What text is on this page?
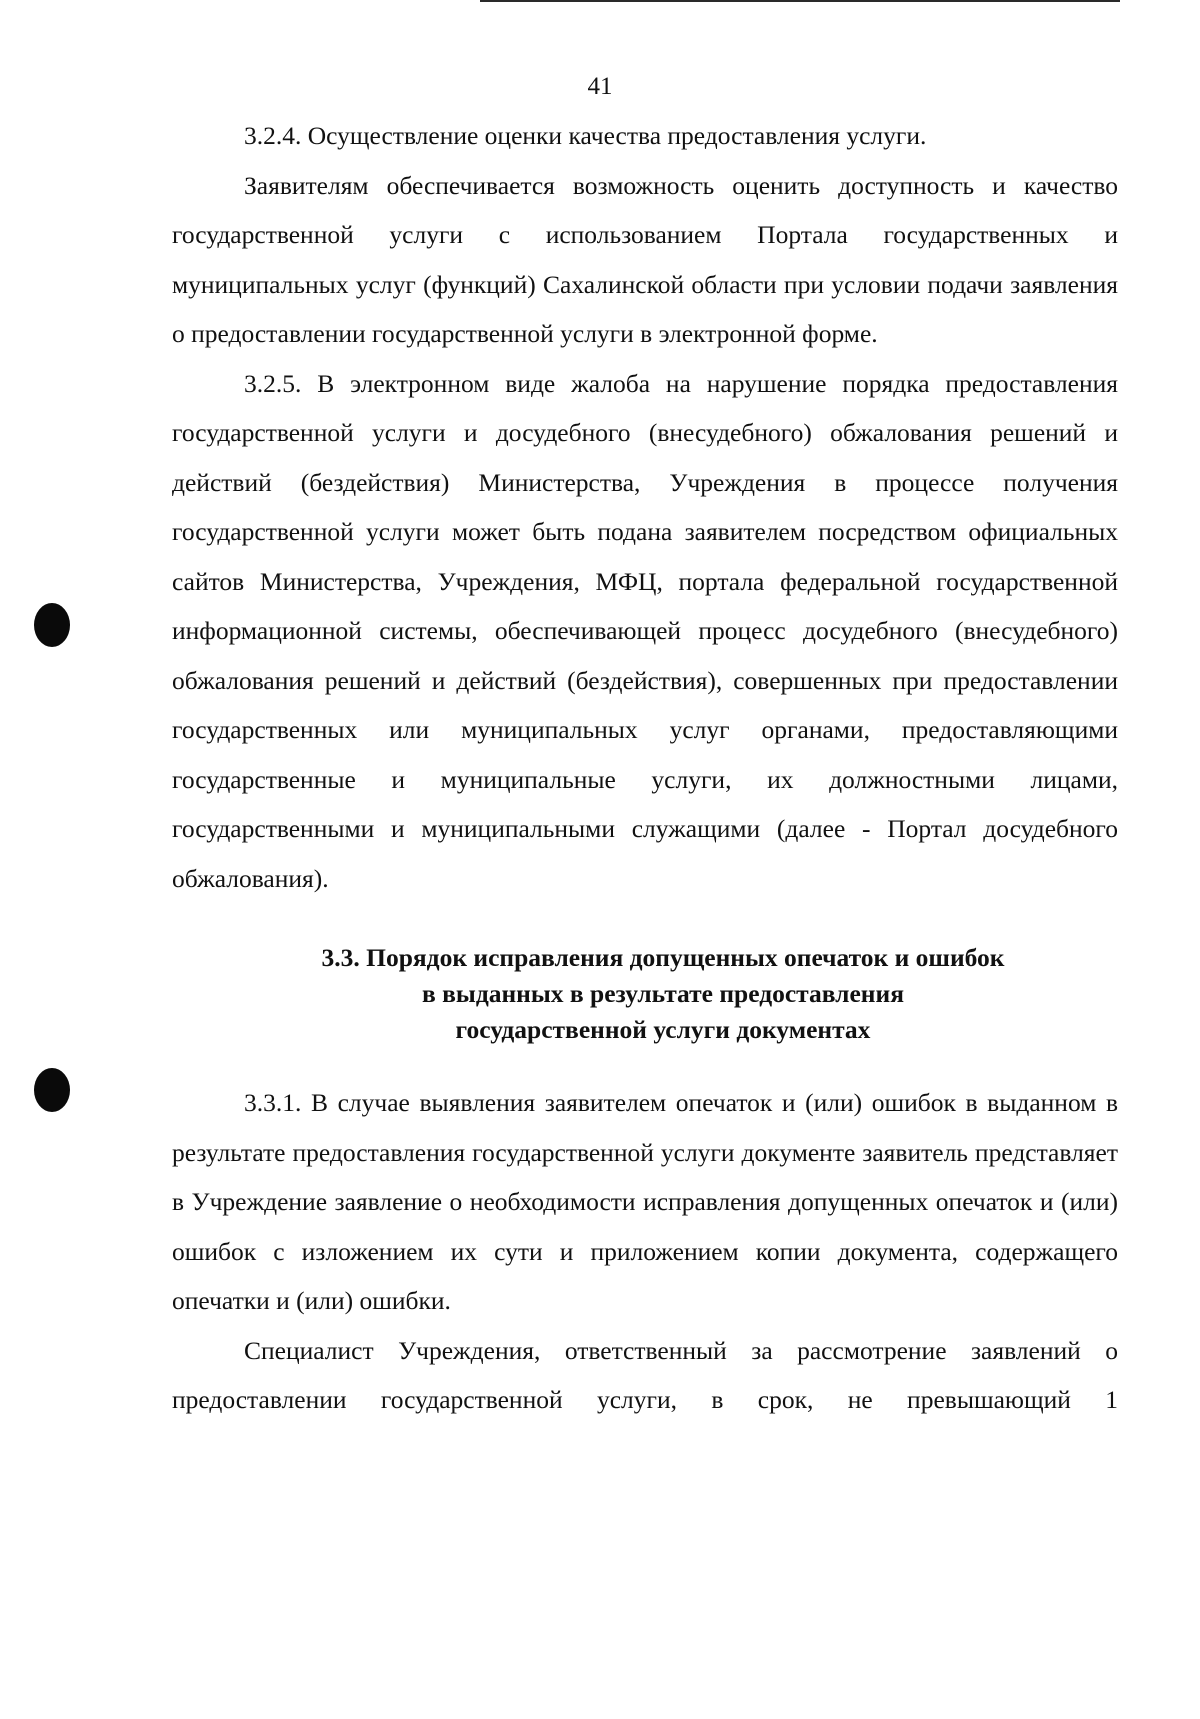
41

3.2.4. Осуществление оценки качества предоставления услуги.

Заявителям обеспечивается возможность оценить доступность и качество государственной услуги с использованием Портала государственных и муниципальных услуг (функций) Сахалинской области при условии подачи заявления о предоставлении государственной услуги в электронной форме.

3.2.5. В электронном виде жалоба на нарушение порядка предоставления государственной услуги и досудебного (внесудебного) обжалования решений и действий (бездействия) Министерства, Учреждения в процессе получения государственной услуги может быть подана заявителем посредством официальных сайтов Министерства, Учреждения, МФЦ, портала федеральной государственной информационной системы, обеспечивающей процесс досудебного (внесудебного) обжалования решений и действий (бездействия), совершенных при предоставлении государственных или муниципальных услуг органами, предоставляющими государственные и муниципальные услуги, их должностными лицами, государственными и муниципальными служащими (далее - Портал досудебного обжалования).

3.3. Порядок исправления допущенных опечаток и ошибок
в выданных в результате предоставления
государственной услуги документах

3.3.1. В случае выявления заявителем опечаток и (или) ошибок в выданном в результате предоставления государственной услуги документе заявитель представляет в Учреждение заявление о необходимости исправления допущенных опечаток и (или) ошибок с изложением их сути и приложением копии документа, содержащего опечатки и (или) ошибки.

Специалист Учреждения, ответственный за рассмотрение заявлений о предоставлении государственной услуги, в срок, не превышающий 1
